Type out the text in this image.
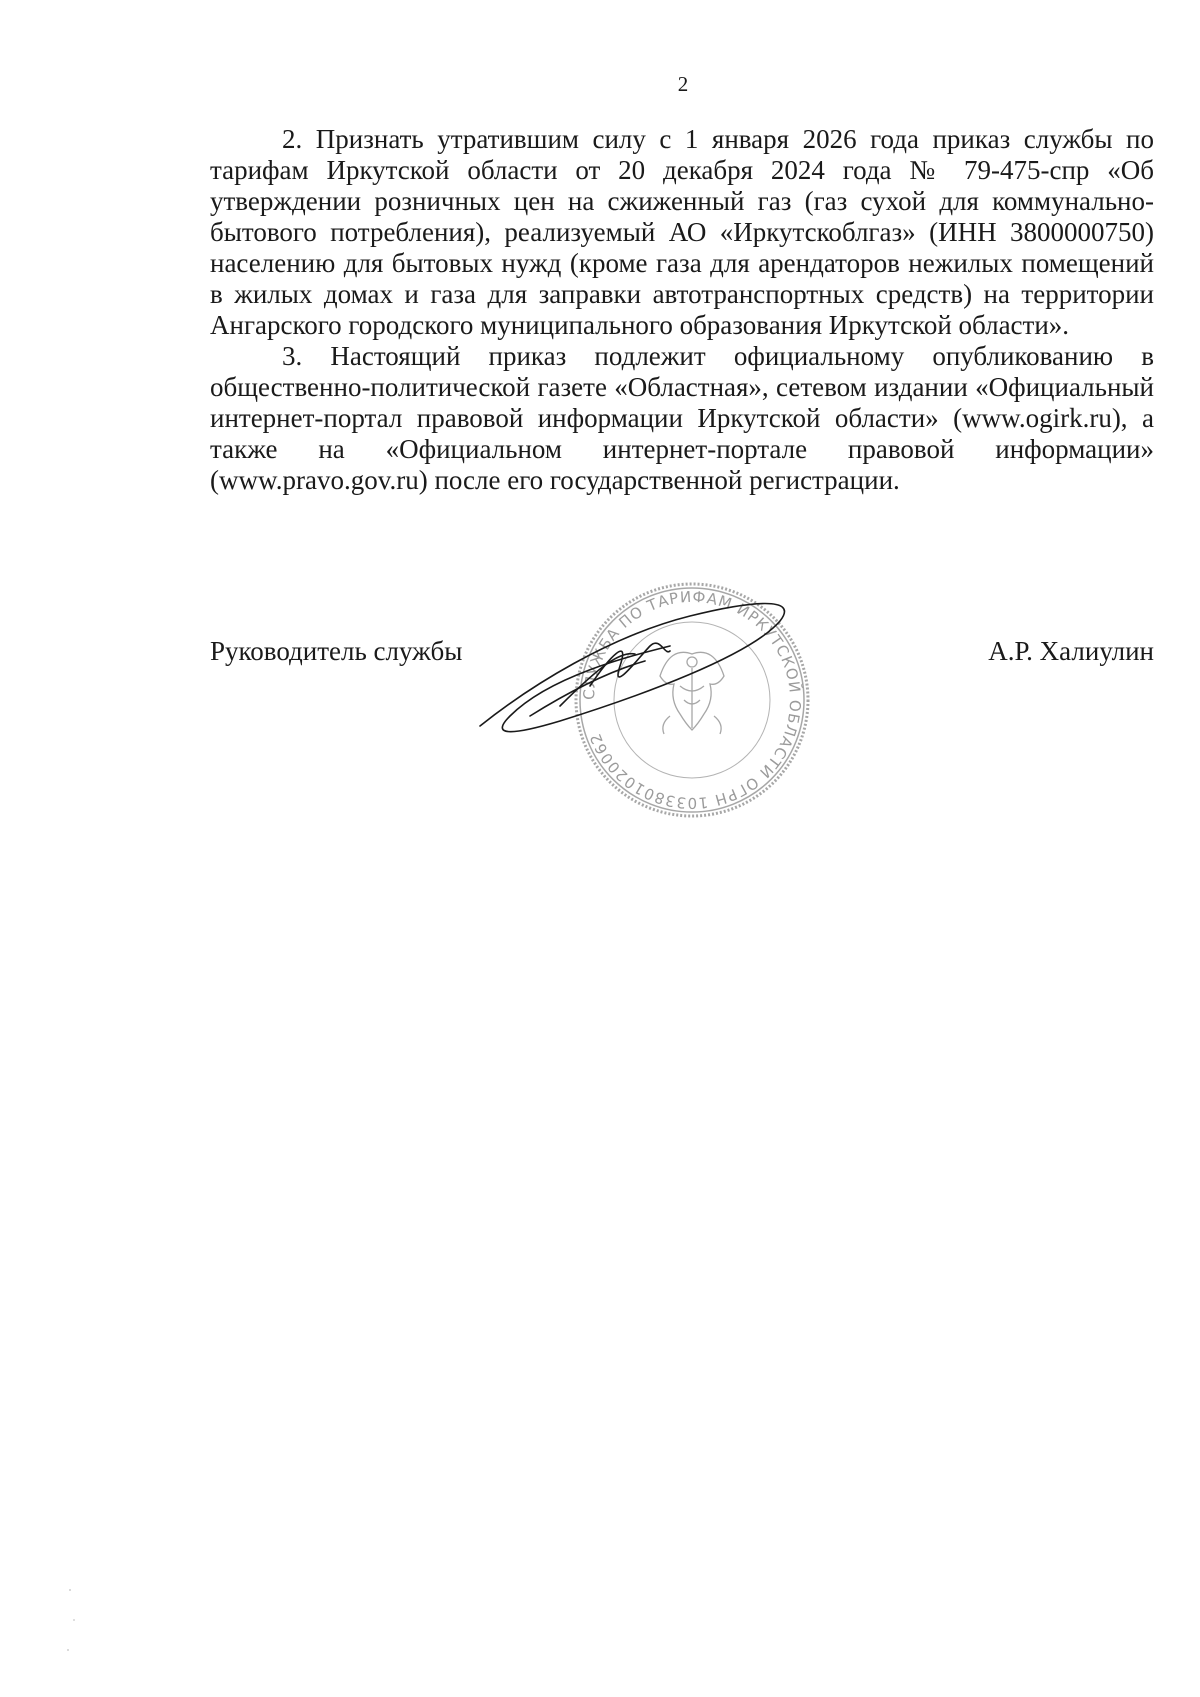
2

2. Признать утратившим силу с 1 января 2026 года приказ службы по тарифам Иркутской области от 20 декабря 2024 года № 79-475-спр «Об утверждении розничных цен на сжиженный газ (газ сухой для коммунально-бытового потребления), реализуемый АО «Иркутскоблгаз» (ИНН 3800000750) населению для бытовых нужд (кроме газа для арендаторов нежилых помещений в жилых домах и газа для заправки автотранспортных средств) на территории Ангарского городского муниципального образования Иркутской области».

3. Настоящий приказ подлежит официальному опубликованию в общественно-политической газете «Областная», сетевом издании «Официальный интернет-портал правовой информации Иркутской области» (www.ogirk.ru), а также на «Официальном интернет-портале правовой информации» (www.pravo.gov.ru) после его государственной регистрации.

Руководитель службы	А.Р. Халиулин
СЛУЖБА ПО ТАРИФАМ ИРКУТСКОЙ ОБЛАСТИ ОГРН 1033801020062
